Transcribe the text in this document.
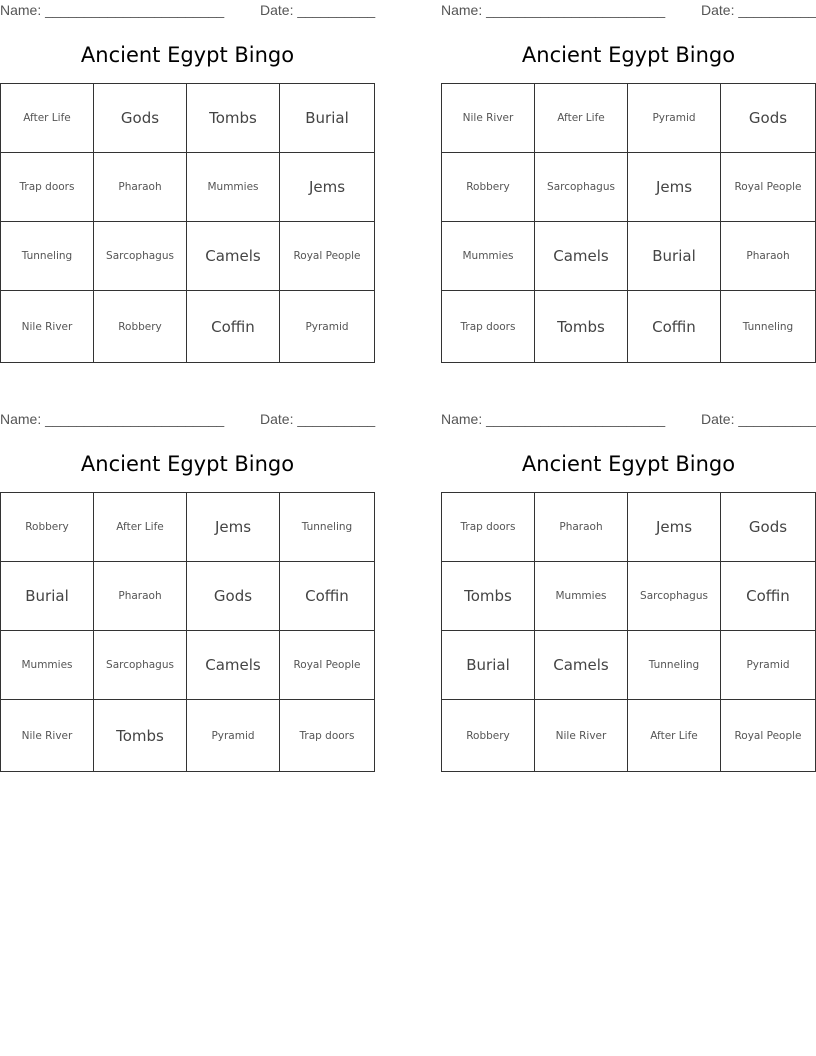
Name: _______________________	Date: __________
Ancient Egypt Bingo
After Life	Gods	Tombs	Burial
Trap doors	Pharaoh	Mummies	Jems
Tunneling	Sarcophagus	Camels	Royal People
Nile River	Robbery	Coffin	Pyramid
Name: _______________________	Date: __________
Ancient Egypt Bingo
Nile River	After Life	Pyramid	Gods
Robbery	Sarcophagus	Jems	Royal People
Mummies	Camels	Burial	Pharaoh
Trap doors	Tombs	Coffin	Tunneling
Name: _______________________	Date: __________
Ancient Egypt Bingo
Robbery	After Life	Jems	Tunneling
Burial	Pharaoh	Gods	Coffin
Mummies	Sarcophagus	Camels	Royal People
Nile River	Tombs	Pyramid	Trap doors
Name: _______________________	Date: __________
Ancient Egypt Bingo
Trap doors	Pharaoh	Jems	Gods
Tombs	Mummies	Sarcophagus	Coffin
Burial	Camels	Tunneling	Pyramid
Robbery	Nile River	After Life	Royal People
